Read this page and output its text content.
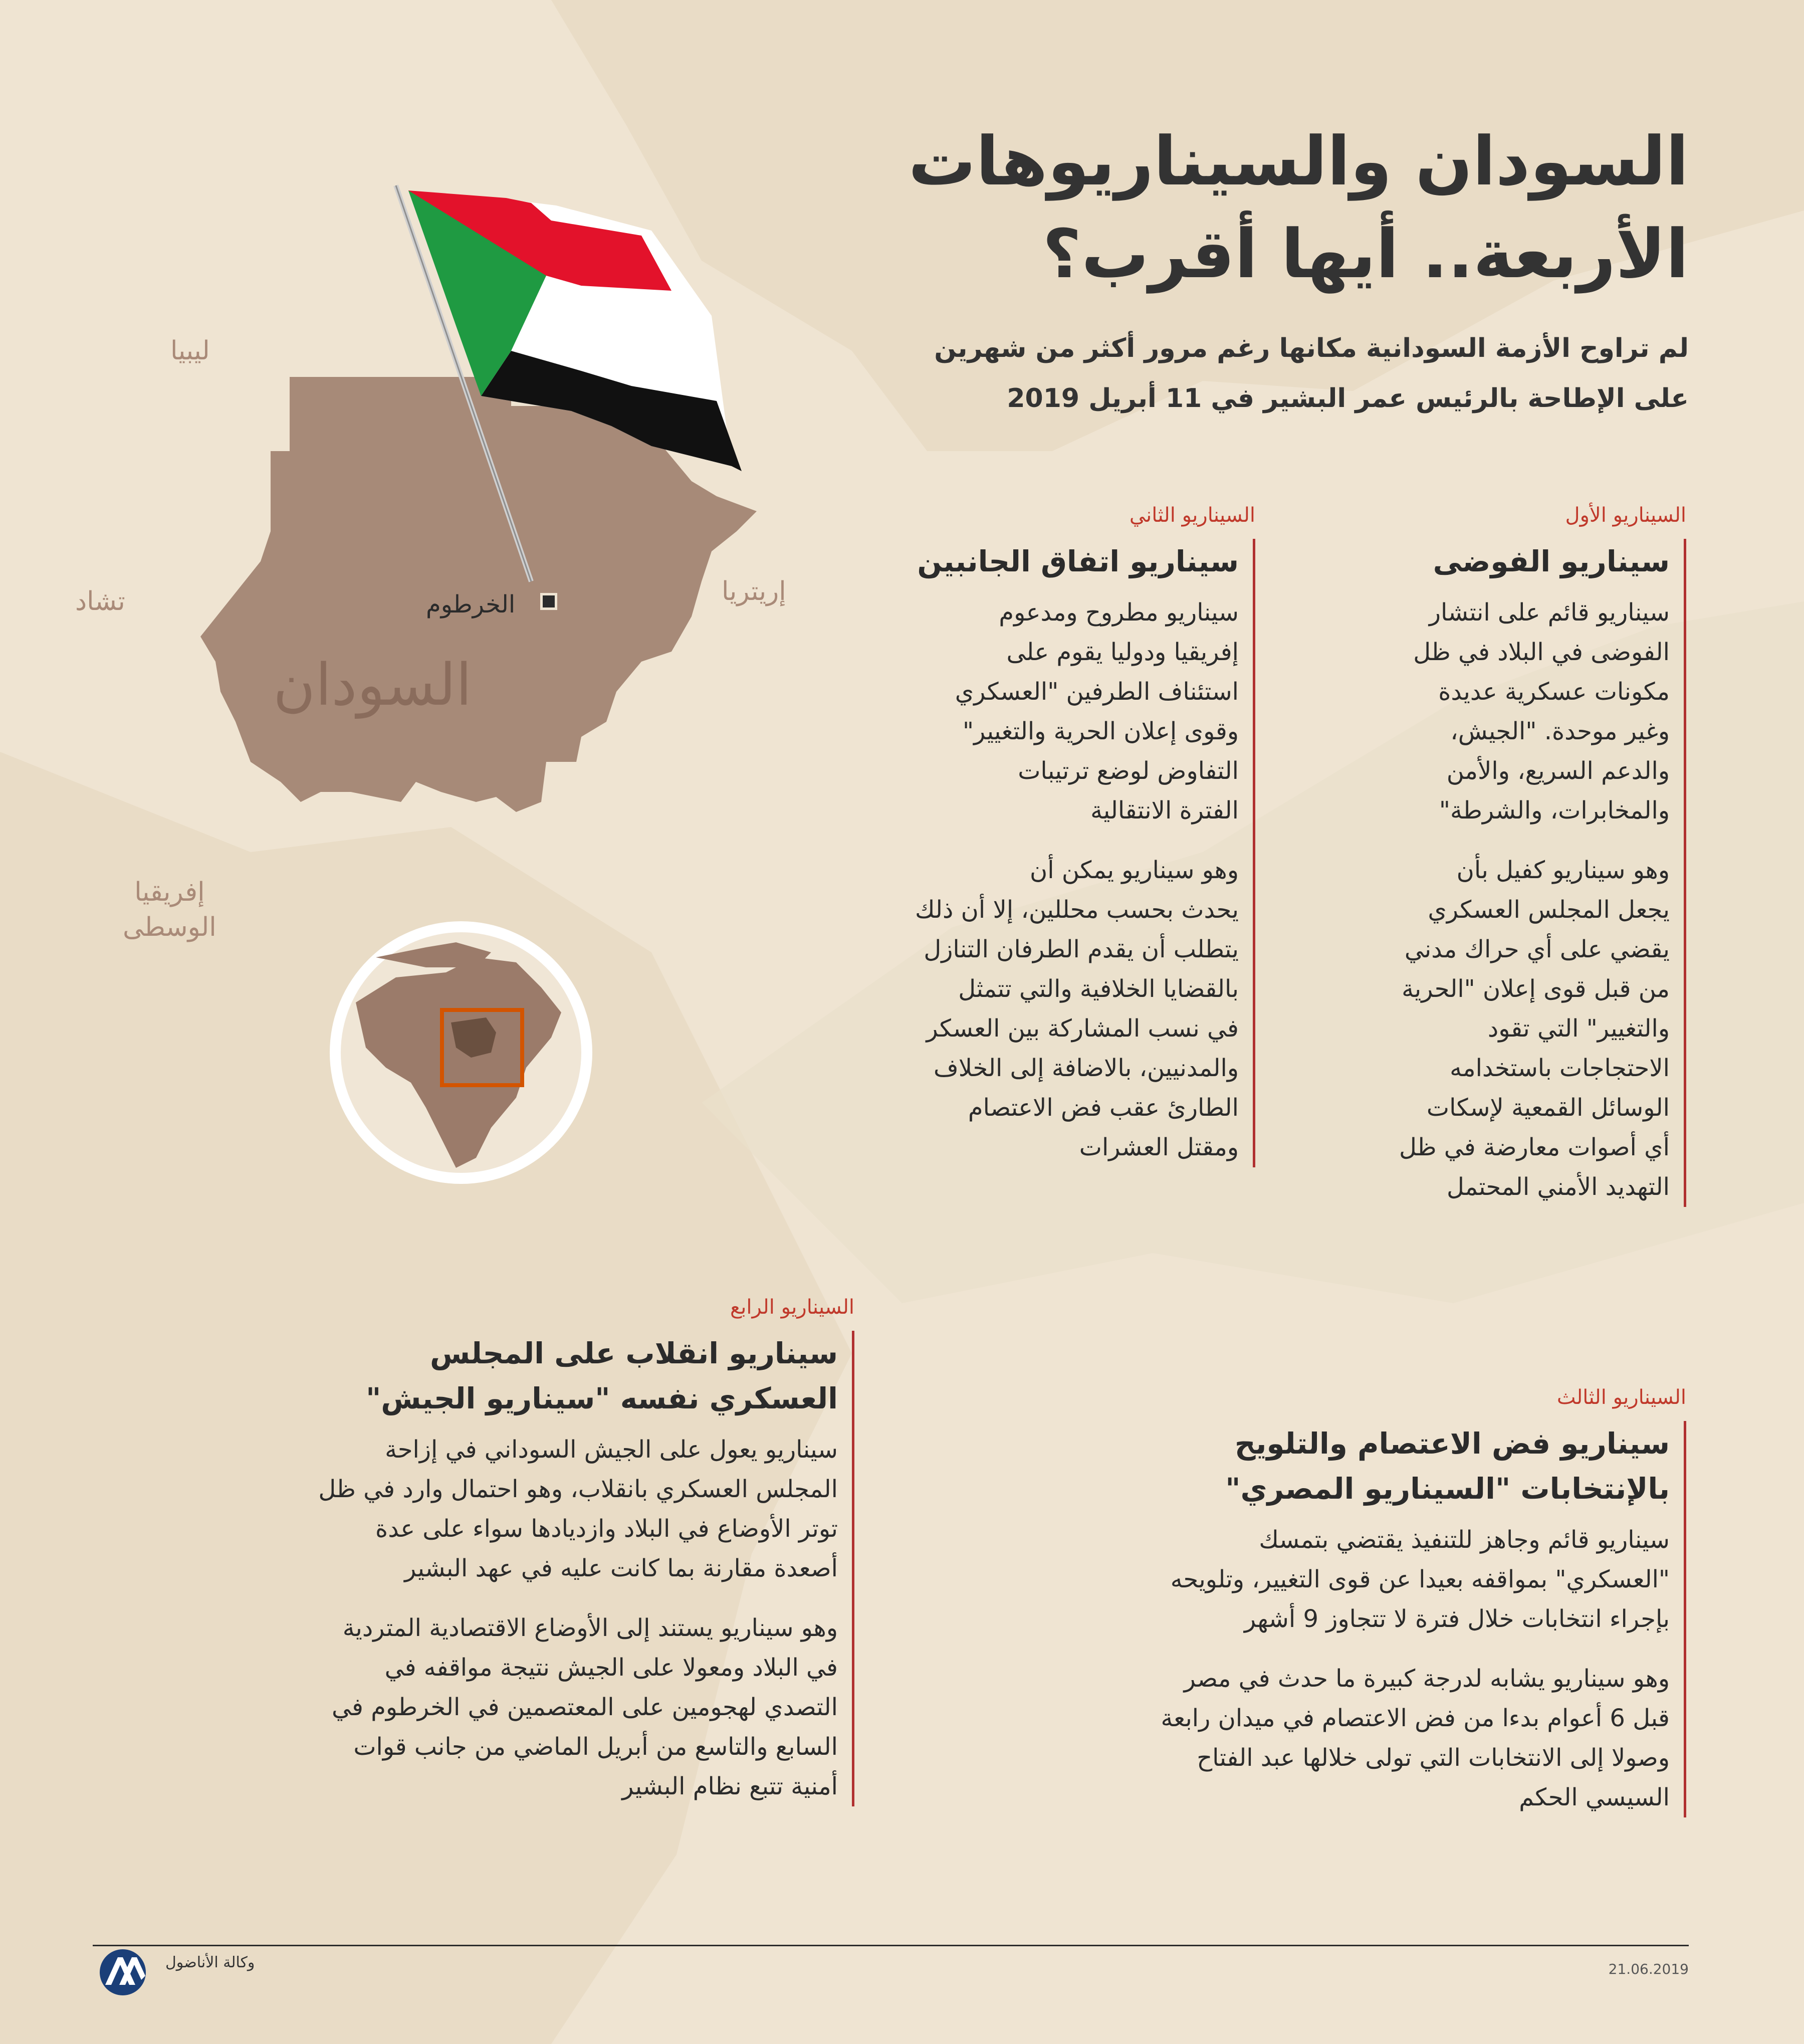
الخرطوم
السودان
ليبيا
تشاد	إريتريا
إفريقيا
الوسطى
السودان والسيناريوهات
الأربعة.. أيها أقرب؟
لم تراوح الأزمة السودانية مكانها رغم مرور أكثر من شهرين
على الإطاحة بالرئيس عمر البشير في 11 أبريل 2019
السيناريو الأول
سيناريو الفوضى
سيناريو قائم على انتشار
الفوضى في البلاد في ظل
مكونات عسكرية عديدة
وغير موحدة. "الجيش،
والدعم السريع، والأمن
والمخابرات، والشرطة"
وهو سيناريو كفيل بأن
يجعل المجلس العسكري
يقضي على أي حراك مدني
من قبل قوى إعلان "الحرية
والتغيير" التي تقود
الاحتجاجات باستخدامه
الوسائل القمعية لإسكات
أي أصوات معارضة في ظل
التهديد الأمني المحتمل
السيناريو الثاني
سيناريو اتفاق الجانبين
سيناريو مطروح ومدعوم
إفريقيا ودوليا يقوم على
استئناف الطرفين "العسكري
وقوى إعلان الحرية والتغيير"
التفاوض لوضع ترتيبات
الفترة الانتقالية
وهو سيناريو يمكن أن
يحدث بحسب محللين، إلا أن ذلك
يتطلب أن يقدم الطرفان التنازل
بالقضايا الخلافية والتي تتمثل
في نسب المشاركة بين العسكر
والمدنيين، بالاضافة إلى الخلاف
الطارئ عقب فض الاعتصام
ومقتل العشرات
السيناريو الثالث
سيناريو فض الاعتصام والتلويح
بالإنتخابات "السيناريو المصري"
سيناريو قائم وجاهز للتنفيذ يقتضي بتمسك
"العسكري" بمواقفه بعيدا عن قوى التغيير، وتلويحه
بإجراء انتخابات خلال فترة لا تتجاوز 9 أشهر
وهو سيناريو يشابه لدرجة كبيرة ما حدث في مصر
قبل 6 أعوام بدءا من فض الاعتصام في ميدان رابعة
وصولا إلى الانتخابات التي تولى خلالها عبد الفتاح
السيسي الحكم
السيناريو الرابع
سيناريو انقلاب على المجلس
العسكري نفسه "سيناريو الجيش"
سيناريو يعول على الجيش السوداني في إزاحة
المجلس العسكري بانقلاب، وهو احتمال وارد في ظل
توتر الأوضاع في البلاد وازديادها سواء على عدة
أصعدة مقارنة بما كانت عليه في عهد البشير
وهو سيناريو يستند إلى الأوضاع الاقتصادية المتردية
في البلاد ومعولا على الجيش نتيجة مواقفه في
التصدي لهجومين على المعتصمين في الخرطوم في
السابع والتاسع من أبريل الماضي من جانب قوات
أمنية تتبع نظام البشير
وكالة الأناضول	21.06.2019
